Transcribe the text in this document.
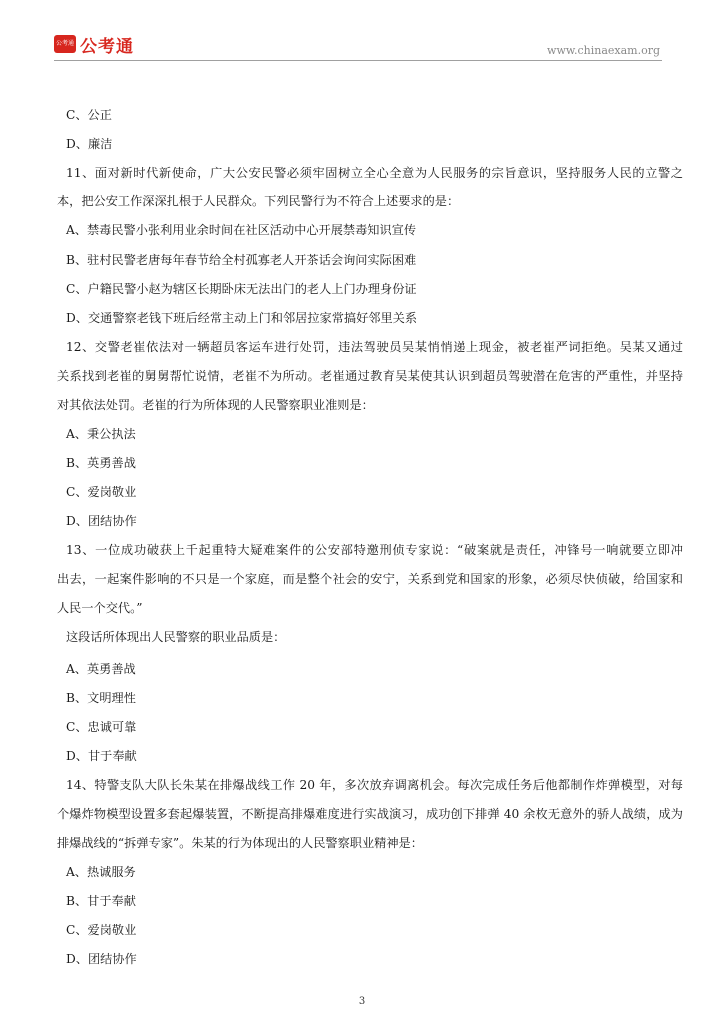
公考通 公考通	www.chinaexam.org
C、公正
D、廉洁
11、面对新时代新使命，广大公安民警必须牢固树立全心全意为人民服务的宗旨意识，坚持服务人民的立警之
本，把公安工作深深扎根于人民群众。下列民警行为不符合上述要求的是：
A、禁毒民警小张利用业余时间在社区活动中心开展禁毒知识宣传
B、驻村民警老唐每年春节给全村孤寡老人开茶话会询问实际困难
C、户籍民警小赵为辖区长期卧床无法出门的老人上门办理身份证
D、交通警察老钱下班后经常主动上门和邻居拉家常搞好邻里关系
12、交警老崔依法对一辆超员客运车进行处罚，违法驾驶员吴某悄悄递上现金，被老崔严词拒绝。吴某又通过
关系找到老崔的舅舅帮忙说情，老崔不为所动。老崔通过教育吴某使其认识到超员驾驶潜在危害的严重性，并坚持
对其依法处罚。老崔的行为所体现的人民警察职业准则是：
A、秉公执法
B、英勇善战
C、爱岗敬业
D、团结协作
13、一位成功破获上千起重特大疑难案件的公安部特邀刑侦专家说：“破案就是责任，冲锋号一响就要立即冲
出去，一起案件影响的不只是一个家庭，而是整个社会的安宁，关系到党和国家的形象，必须尽快侦破，给国家和
人民一个交代。”
这段话所体现出人民警察的职业品质是：
A、英勇善战
B、文明理性
C、忠诚可靠
D、甘于奉献
14、特警支队大队长朱某在排爆战线工作 20 年，多次放弃调离机会。每次完成任务后他都制作炸弹模型，对每
个爆炸物模型设置多套起爆装置，不断提高排爆难度进行实战演习，成功创下排弹 40 余枚无意外的骄人战绩，成为
排爆战线的“拆弹专家”。朱某的行为体现出的人民警察职业精神是：
A、热诚服务
B、甘于奉献
C、爱岗敬业
D、团结协作
3
